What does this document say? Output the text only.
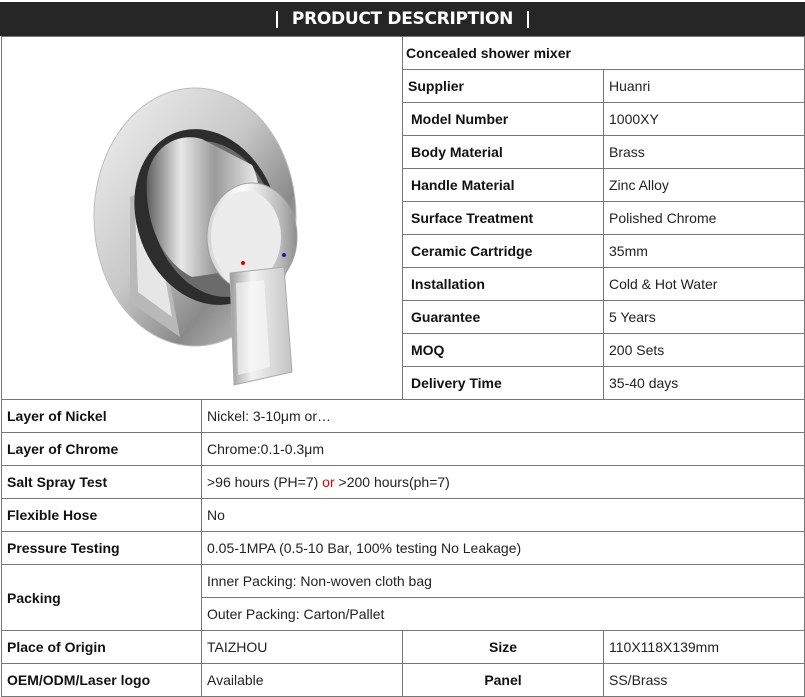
PRODUCT DESCRIPTION
	Concealed shower mixer	
		Supplier	Huanri
		Model Number	1000XY
		Body Material	Brass
		Handle Material	Zinc Alloy
		Surface Treatment	Polished Chrome
		Ceramic Cartridge	35mm
		Installation	Cold & Hot Water
		Guarantee	5 Years
		MOQ	200 Sets
		Delivery Time	35-40 days
Layer of Nickel	Nickel: 3-10μm or…		
Layer of Chrome	Chrome:0.1-0.3μm		
Salt Spray Test	>96 hours (PH=7) or >200 hours(ph=7)		
Flexible Hose	No		
Pressure Testing	0.05-1MPA (0.5-10 Bar, 100% testing No Leakage)		
Packing	Inner Packing: Non-woven cloth bag		
	Outer Packing: Carton/Pallet		
Place of Origin	TAIZHOU	Size	110X118X139mm
OEM/ODM/Laser logo	Available	Panel	SS/Brass
